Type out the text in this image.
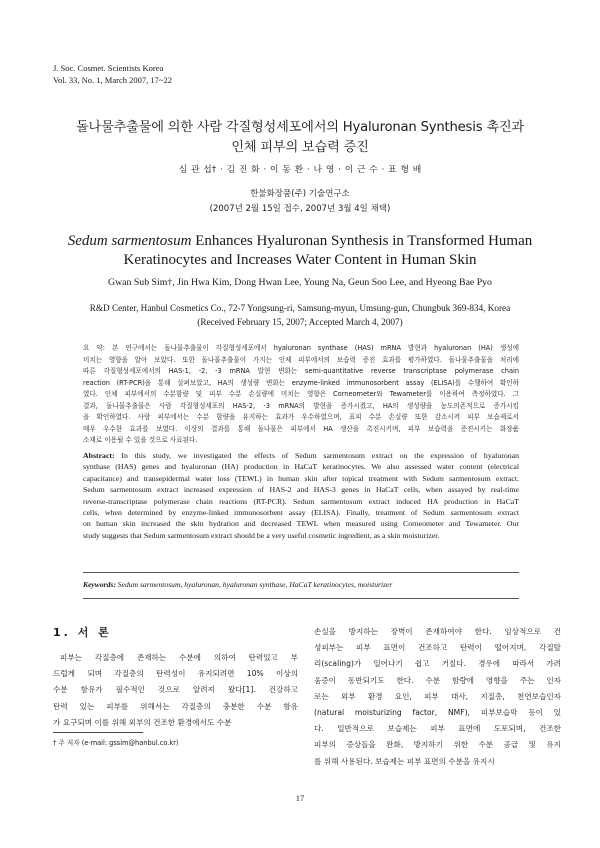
J. Soc. Cosmet. Scientists Korea
Vol. 33, No. 1, March 2007, 17~22
돌나물추출물에 의한 사람 각질형성세포에서의 Hyaluronan Synthesis 촉진과
인체 피부의 보습력 증진
심 관 섭† · 김 진 화 · 이 동 환 · 나 영 · 이 근 수 · 표 형 배
한불화장품(주) 기술연구소
(2007년 2월 15일 접수, 2007년 3월 4일 채택)
Sedum sarmentosum Enhances Hyaluronan Synthesis in Transformed Human
Keratinocytes and Increases Water Content in Human Skin
Gwan Sub Sim†, Jin Hwa Kim, Dong Hwan Lee, Young Na, Geun Soo Lee, and Hyeong Bae Pyo
R&D Center, Hanbul Cosmetics Co., 72-7 Yongsung-ri, Samsung-myun, Umsung-gun, Chungbuk 369-834, Korea
(Received February 15, 2007; Accepted March 4, 2007)
요 약: 본 연구에서는 돌나물추출물이 각질형성세포에서 hyaluronan synthase (HAS) mRNA 발현과 hyaluronan (HA) 생성에
미치는 영향을 알아 보았다. 또한 돌나물추출물이 가지는 인체 피부에서의 보습력 증진 효과를 평가하였다. 돌나물추출물을 처리에
따른 각질형성세포에서의 HAS-1, -2, -3 mRNA 발현 변화는 semi-quantitative reverse transcriptase polymerase chain
reaction (RT-PCR)을 통해 살펴보았고, HA의 생성량 변화는 enzyme-linked immunosorbent assay (ELISA)를 수행하여 확인하
였다. 인체 피부에서의 수분함량 및 피부 수분 손실량에 미치는 영향은 Corneometer와 Tewameter를 이용하여 측정하였다. 그
결과, 돌나물추출물은 사람 각질형성세포의 HAS-2, -3 mRNA의 발현을 증가시켰고, HA의 생성량을 농도의존적으로 증가시킴
을 확인하였다. 사람 피부에서는 수분 함량을 유지하는 효과가 우수하였으며, 표피 수분 손실량 또한 감소시켜 피부 보습제로서
매우 우수한 효과를 보였다. 이상의 결과를 통해 돌나물은 피부에서 HA 생산을 촉진시키며, 피부 보습력을 증진시키는 화장품
소재로 이용될 수 있을 것으로 사료된다.
Abstract: In this study, we investigated the effects of Sedum sarmentosum extract on the expression of hyaluronan
synthase (HAS) genes and hyaluronan (HA) production in HaCaT keratinocytes. We also assessed water content (electrical
capacitance) and transepidermal water loss (TEWL) in human skin after topical treatment with Sedum sarmentosum extract.
Sedum sarmentosum extract increased expression of HAS-2 and HAS-3 genes in HaCaT cells, when assayed by real-time
reverse-transcriptase polymerase chain reactions (RT-PCR). Sedum sarmentosum extract induced HA production in HaCaT
cells, when determined by enzyme-linked immunosorbent assay (ELISA). Finally, treatment of Sedum sarmentosum extract
on human skin increased the skin hydration and decreased TEWL when measured using Corneometer and Tewameter. Our
study suggests that Sedum sarmentosum extract should be a very useful cosmetic ingredient, as a skin moisturizer.
Keywords: Sedum sarmentosum, hyaluronan, hyaluronan synthase, HaCaT keratinocytes, moisturizer
1. 서 론
피부는 각질층에 존재하는 수분에 의하여 탄력있고 부
드럽게 되며 각질층의 탄력성이 유지되려면 10% 이상의
수분 함유가 필수적인 것으로 알려져 왔다[1]. 건강하고
탄력 있는 피부를 위해서는 각질층의 충분한 수분 함유
가 요구되며 이를 위해 외부의 건조한 환경에서도 수분
손실을 방지하는 장벽이 존재하여야 한다. 임상적으로 건
성피부는 피부 표면이 건조하고 탄력이 떨어지며, 각질탈
리(scaling)가 일어나기 쉽고 거칠다. 경우에 따라서 가려
움증이 동반되기도 한다. 수분 함량에 영향을 주는 인자
로는 외부 환경 요인, 피부 대사, 지질층, 천연보습인자
(natural moisturizing factor, NMF), 피부보습막 등이 있
다. 일반적으로 보습제는 피부 표면에 도포되며, 건조한
피부의 증상들을 완화, 방지하기 위한 수분 공급 및 유지
를 위해 사용된다. 보습제는 피부 표면의 수분을 유지시
† 주 저자 (e-mail: gssim@hanbul.co.kr)
17
